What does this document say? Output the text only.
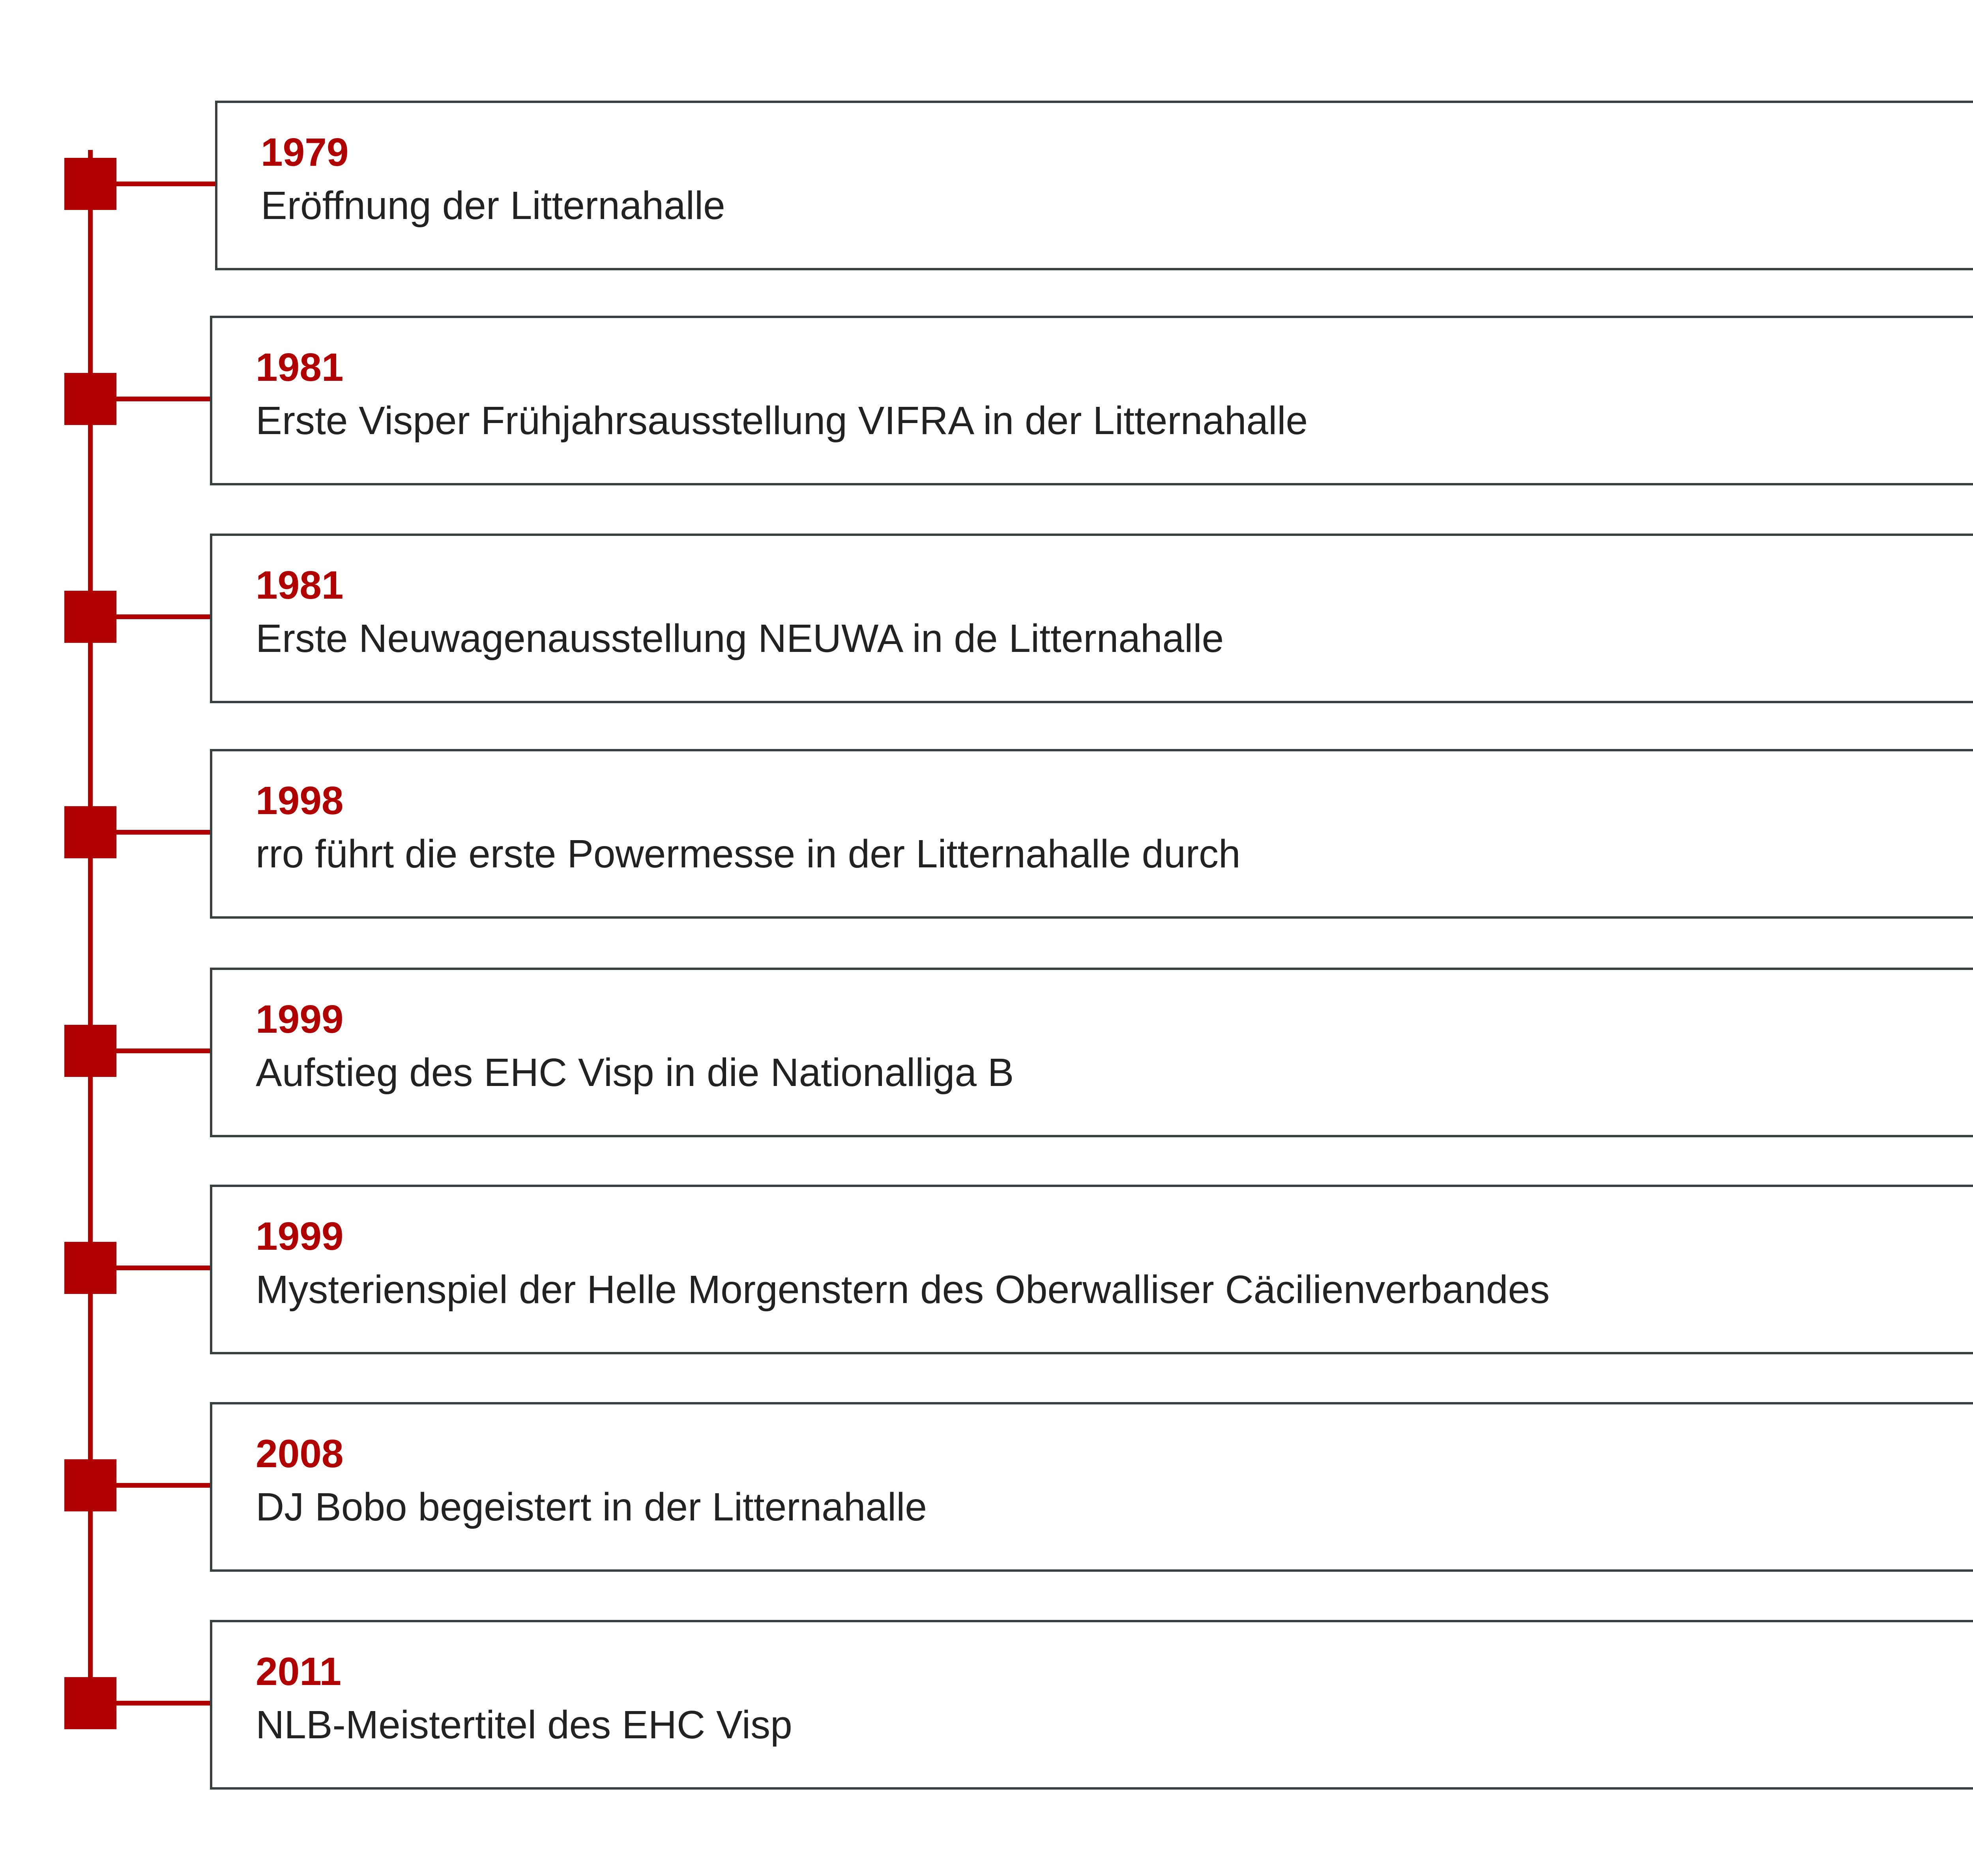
1979
Eröffnung der Litternahalle
1981
Erste Visper Frühjahrsausstellung VIFRA in der Litternahalle
1981
Erste Neuwagenausstellung NEUWA in de Litternahalle
1998
rro führt die erste Powermesse in der Litternahalle durch
1999
Aufstieg des EHC Visp in die Nationalliga B
1999
Mysterienspiel der Helle Morgenstern des Oberwalliser Cäcilienverbandes
2008
DJ Bobo begeistert in der Litternahalle
2011
NLB-Meistertitel des EHC Visp
